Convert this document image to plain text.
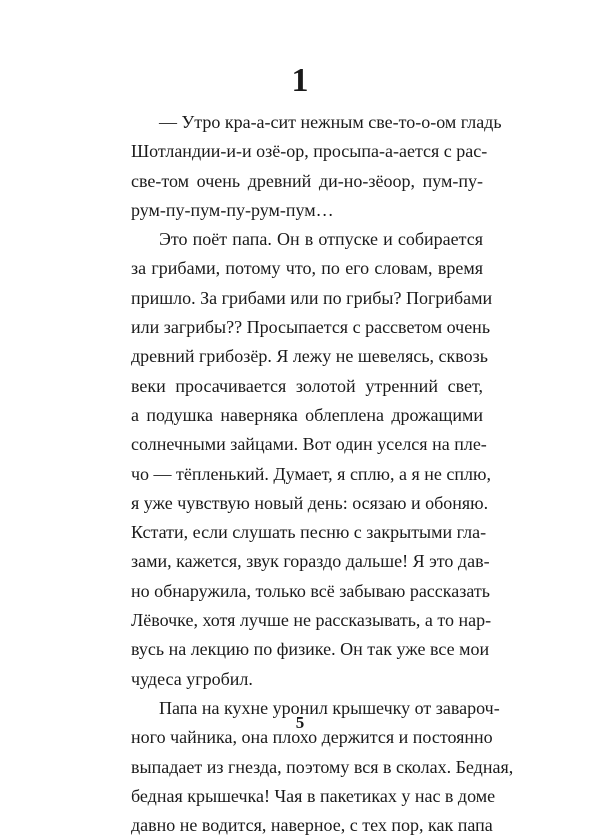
1
— Утро кра-а-сит нежным све-то-о-ом гладь
Шотландии-и-и озё-ор, просыпа-а-ается с рас-
све-том очень древний ди-но-зёоор, пум-пу-
рум-пу-пум-пу-рум-пум…
Это поёт папа. Он в отпуске и собирается
за грибами, потому что, по его словам, время
пришло. За грибами или по грибы? Погрибами
или загрибы?? Просыпается с рассветом очень
древний грибозёр. Я лежу не шевелясь, сквозь
веки просачивается золотой утренний свет,
а подушка наверняка облеплена дрожащими
солнечными зайцами. Вот один уселся на пле-
чо — тёпленький. Думает, я сплю, а я не сплю,
я уже чувствую новый день: осязаю и обоняю.
Кстати, если слушать песню с закрытыми гла-
зами, кажется, звук гораздо дальше! Я это дав-
но обнаружила, только всё забываю рассказать
Лёвочке, хотя лучше не рассказывать, а то нар-
вусь на лекцию по физике. Он так уже все мои
чудеса угробил.
Папа на кухне уронил крышечку от завароч-
ного чайника, она плохо держится и постоянно
выпадает из гнезда, поэтому вся в сколах. Бедная,
бедная крышечка! Чая в пакетиках у нас в доме
давно не водится, наверное, с тех пор, как папа
5
